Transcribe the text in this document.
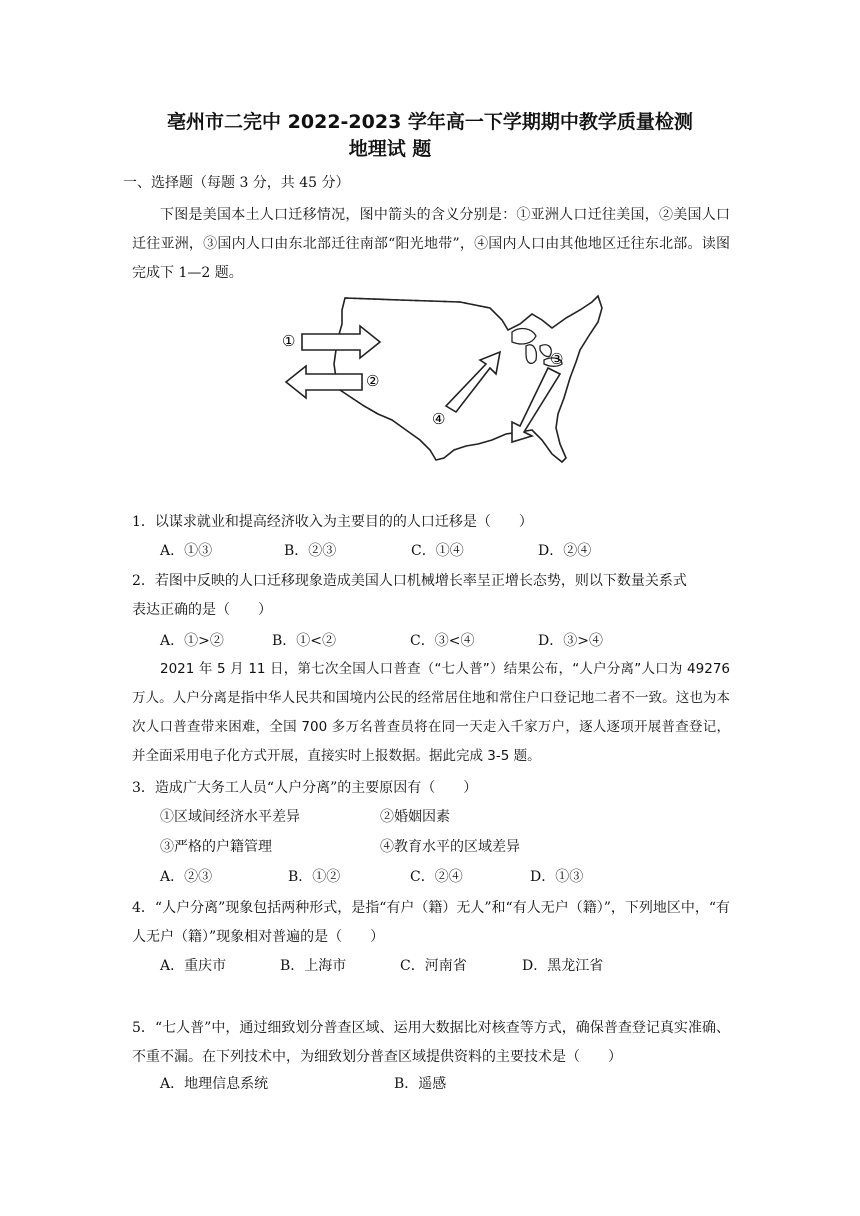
亳州市二完中 2022-2023 学年高一下学期期中教学质量检测
地理试 题
一、选择题（每题 3 分，共 45 分）
下图是美国本土人口迁移情况，图中箭头的含义分别是：①亚洲人口迁往美国，②美国人口迁往亚洲，③国内人口由东北部迁往南部“阳光地带”，④国内人口由其他地区迁往东北部。读图完成下 1—2 题。
①
②
③
④
1．以谋求就业和提高经济收入为主要目的的人口迁移是（　　）
A．①③	B．②③	C．①④	D．②④
2．若图中反映的人口迁移现象造成美国人口机械增长率呈正增长态势，则以下数量关系式
表达正确的是（　　）
A．①>②	B．①<②	C．③<④	D．③>④
2021 年 5 月 11 日，第七次全国人口普查（“七人普”）结果公布，“人户分离”人口为 49276 万人。人户分离是指中华人民共和国境内公民的经常居住地和常住户口登记地二者不一致。这也为本次人口普查带来困难，全国 700 多万名普查员将在同一天走入千家万户，逐人逐项开展普查登记，并全面采用电子化方式开展，直接实时上报数据。据此完成 3-5 题。
3．造成广大务工人员“人户分离”的主要原因有（　　）
①区域间经济水平差异	②婚姻因素
③严格的户籍管理	④教育水平的区域差异
A．②③	B．①②	C．②④	D．①③
4．“人户分离”现象包括两种形式，是指“有户（籍）无人”和“有人无户（籍）”，下列地区中，“有人无户（籍）”现象相对普遍的是（　　）
A．重庆市	B．上海市	C．河南省	D．黑龙江省
5．“七人普”中，通过细致划分普查区域、运用大数据比对核查等方式，确保普查登记真实准确、不重不漏。在下列技术中，为细致划分普查区域提供资料的主要技术是（　　）
A．地理信息系统	B．遥感
